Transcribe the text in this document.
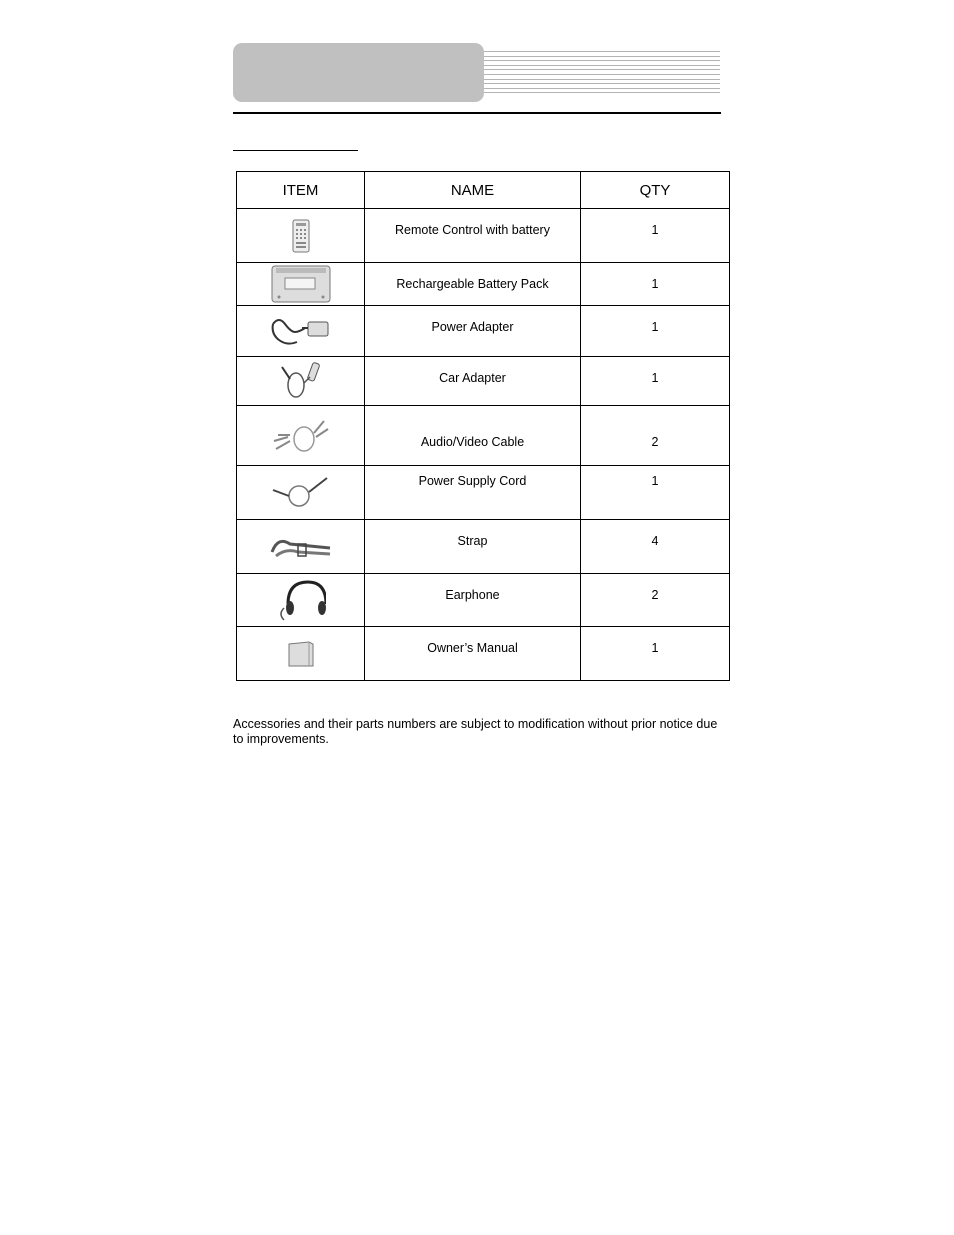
ITEM	NAME	QTY

Remote Control with battery	1

Rechargeable Battery Pack	1

Power Adapter	1

Car Adapter	1

Audio/Video Cable	2

Power Supply Cord	1

Strap	4

Earphone	2

Owner’s Manual	1
Accessories and their parts numbers are subject to modification without prior notice due to improvements.
